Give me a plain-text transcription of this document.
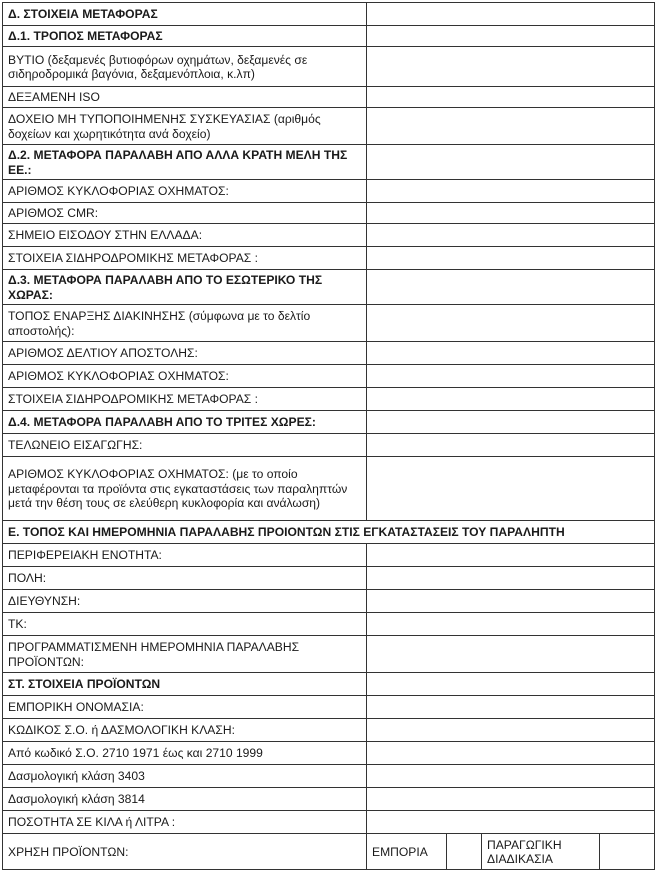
Δ. ΣΤΟΙΧΕΙΑ ΜΕΤΑΦΟΡΑΣ				
Δ.1. ΤΡΟΠΟΣ ΜΕΤΑΦΟΡΑΣ				
ΒΥΤΙΟ (δεξαμενές βυτιοφόρων οχημάτων, δεξαμενές σε σιδηροδρομικά βαγόνια, δεξαμενόπλοια, κ.λπ)				
ΔΕΞΑΜΕΝΗ ISO				
ΔΟΧΕΙΟ ΜΗ ΤΥΠΟΠΟΙΗΜΕΝΗΣ ΣΥΣΚΕΥΑΣΙΑΣ (αριθμός δοχείων και χωρητικότητα ανά δοχείο)				
Δ.2. ΜΕΤΑΦΟΡΑ ΠΑΡΑΛΑΒΗ ΑΠΟ ΑΛΛΑ ΚΡΑΤΗ ΜΕΛΗ ΤΗΣ ΕΕ.:				
ΑΡΙΘΜΟΣ ΚΥΚΛΟΦΟΡΙΑΣ ΟΧΗΜΑΤΟΣ:				
ΑΡΙΘΜΟΣ CMR:				
ΣΗΜΕΙΟ ΕΙΣΟΔΟΥ ΣΤΗΝ ΕΛΛΑΔΑ:				
ΣΤΟΙΧΕΙΑ ΣΙΔΗΡΟΔΡΟΜΙΚΗΣ ΜΕΤΑΦΟΡΑΣ :				
Δ.3. ΜΕΤΑΦΟΡΑ ΠΑΡΑΛΑΒΗ ΑΠΟ ΤΟ ΕΣΩΤΕΡΙΚΟ ΤΗΣ ΧΩΡΑΣ:				
ΤΟΠΟΣ ΕΝΑΡΞΗΣ ΔΙΑΚΙΝΗΣΗΣ (σύμφωνα με το δελτίο αποστολής):				
ΑΡΙΘΜΟΣ ΔΕΛΤΙΟΥ ΑΠΟΣΤΟΛΗΣ:				
ΑΡΙΘΜΟΣ ΚΥΚΛΟΦΟΡΙΑΣ ΟΧΗΜΑΤΟΣ:				
ΣΤΟΙΧΕΙΑ ΣΙΔΗΡΟΔΡΟΜΙΚΗΣ ΜΕΤΑΦΟΡΑΣ :				
Δ.4. ΜΕΤΑΦΟΡΑ ΠΑΡΑΛΑΒΗ ΑΠΟ ΤΟ ΤΡΙΤΕΣ ΧΩΡΕΣ:				
ΤΕΛΩΝΕΙΟ ΕΙΣΑΓΩΓΗΣ:				
ΑΡΙΘΜΟΣ ΚΥΚΛΟΦΟΡΙΑΣ ΟΧΗΜΑΤΟΣ: (με το οποίο μεταφέρονται τα προϊόντα στις εγκαταστάσεις των παραληπτών μετά την θέση τους σε ελεύθερη κυκλοφορία και ανάλωση)				
Ε. ΤΟΠΟΣ ΚΑΙ ΗΜΕΡΟΜΗΝΙΑ ΠΑΡΑΛΑΒΗΣ ΠΡΟΙΟΝΤΩΝ ΣΤΙΣ ΕΓΚΑΤΑΣΤΑΣΕΙΣ ΤΟΥ ΠΑΡΑΛΗΠΤΗ				
ΠΕΡΙΦΕΡΕΙΑΚΗ ΕΝΟΤΗΤΑ:				
ΠΟΛΗ:				
ΔΙΕΥΘΥΝΣΗ:				
ΤΚ:				
ΠΡΟΓΡΑΜΜΑΤΙΣΜΕΝΗ ΗΜΕΡΟΜΗΝΙΑ ΠΑΡΑΛΑΒΗΣ ΠΡΟΪΟΝΤΩΝ:				
ΣΤ. ΣΤΟΙΧΕΙΑ ΠΡΟΪΟΝΤΩΝ				
ΕΜΠΟΡΙΚΗ ΟΝΟΜΑΣΙΑ:				
ΚΩΔΙΚΟΣ Σ.Ο. ή ΔΑΣΜΟΛΟΓΙΚΗ ΚΛΑΣΗ:				
Από κωδικό Σ.Ο. 2710 1971 έως και 2710 1999				
Δασμολογική κλάση 3403				
Δασμολογική κλάση 3814				
ΠΟΣΟΤΗΤΑ ΣΕ ΚΙΛΑ ή ΛΙΤΡΑ :				
ΧΡΗΣΗ ΠΡΟΪΟΝΤΩΝ:	ΕΜΠΟΡΙΑ		ΠΑΡΑΓΩΓΙΚΗ ΔΙΑΔΙΚΑΣΙΑ	
